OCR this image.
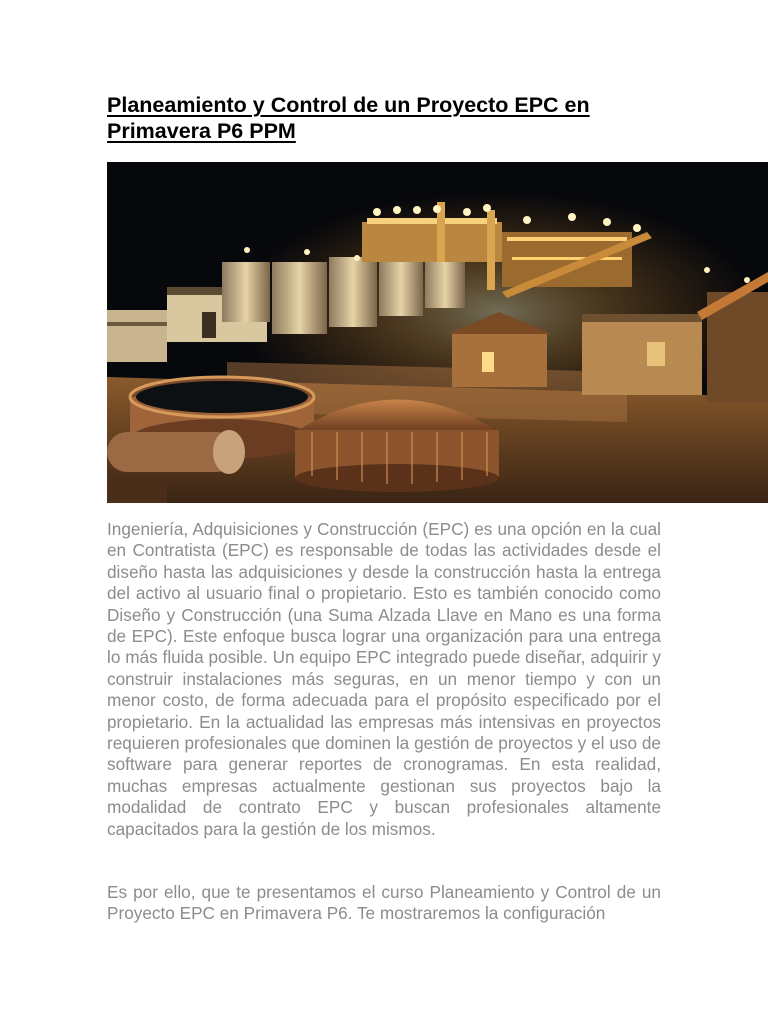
Planeamiento y Control de un Proyecto EPC en Primavera P6 PPM

Ingeniería, Adquisiciones y Construcción (EPC) es una opción en la cual en Contratista (EPC) es responsable de todas las actividades desde el diseño hasta las adquisiciones y desde la construcción hasta la entrega del activo al usuario final o propietario. Esto es también conocido como Diseño y Construcción (una Suma Alzada Llave en Mano es una forma de EPC). Este enfoque busca lograr una organización para una entrega lo más fluida posible. Un equipo EPC integrado puede diseñar, adquirir y construir instalaciones más seguras, en un menor tiempo y con un menor costo, de forma adecuada para el propósito especificado por el propietario. En la actualidad las empresas más intensivas en proyectos requieren profesionales que dominen la gestión de proyectos y el uso de software para generar reportes de cronogramas. En esta realidad, muchas empresas actualmente gestionan sus proyectos bajo la modalidad de contrato EPC y buscan profesionales altamente capacitados para la gestión de los mismos.

Es por ello, que te presentamos el curso Planeamiento y Control de un Proyecto EPC en Primavera P6. Te mostraremos la configuración
